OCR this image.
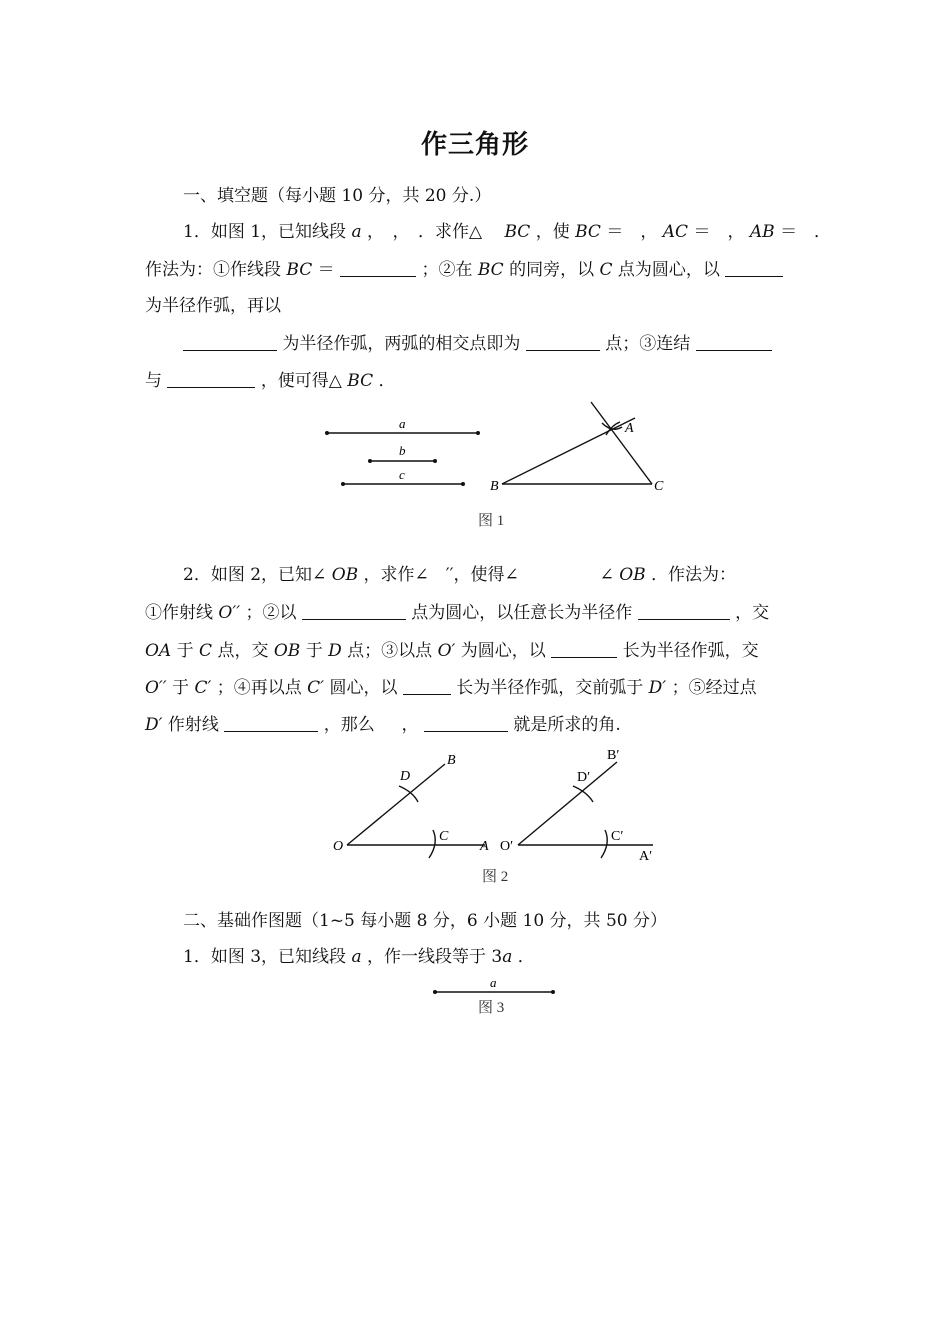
作三角形
一、填空题（每小题 10 分，共 20 分.）
1．如图 1，已知线段 a ，　，　．求作△　 BC ，使 BC ＝　， AC ＝　， AB ＝　．
作法为：①作线段 BC ＝	；②在 BC 的同旁，以 C 点为圆心，以
为半径作弧，再以
为半径作弧，两弧的相交点即为	点；③连结
与	，便可得△ BC ．
a
b
c
A
B	C
图 1
2．如图 2，已知∠ OB ，求作∠　′′，使得∠	∠ OB ．作法为：
①作射线 O′′ ；②以	点为圆心，以任意长为半径作	，交
OA 于 C 点，交 OB 于 D 点；③以点 O′ 为圆心，以	长为半径作弧，交
O′′ 于 C′ ；④再以点 C′ 圆心，以	长为半径作弧，交前弧于 D′ ；⑤经过点
D′ 作射线	，那么 ，	就是所求的角.
O	A
B
C
D
O′
A′
B′
C′
D′
图 2
二、基础作图题（1~5 每小题 8 分，6 小题 10 分，共 50 分）
1．如图 3，已知线段 a ，作一线段等于 3a ．
a
图 3
